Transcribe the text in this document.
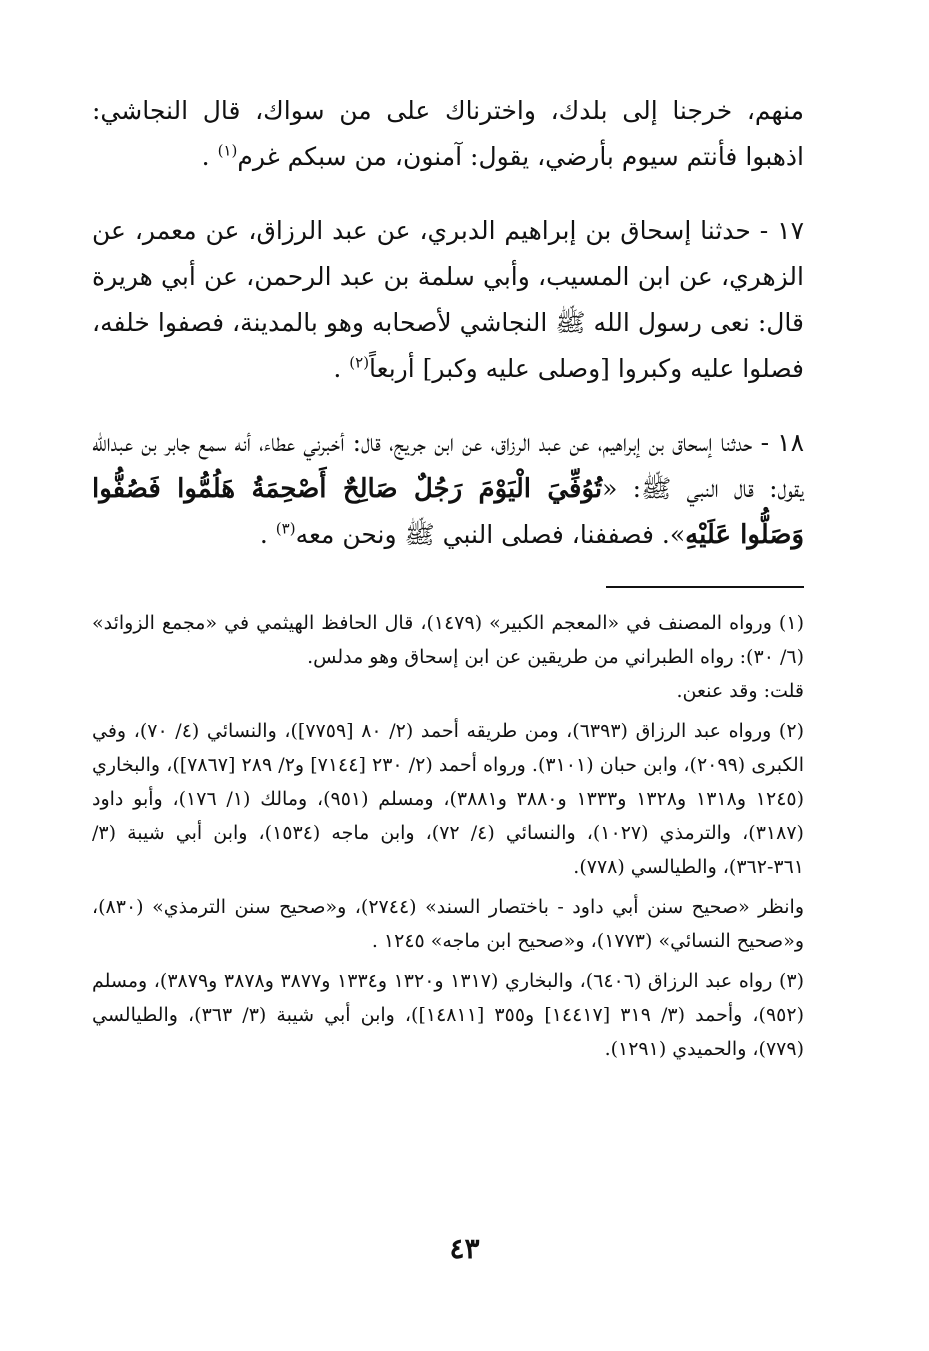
منهم، خرجنا إلى بلدك، واخترناك على من سواك، قال النجاشي: اذهبوا فأنتم سيوم بأرضي، يقول: آمنون، من سبكم غرم$^{(١)}$ .

١٧ - حدثنا إسحاق بن إبراهيم الدبري، عن عبد الرزاق، عن معمر، عن الزهري، عن ابن المسيب، وأبي سلمة بن عبد الرحمن، عن أبي هريرة قال: نعى رسول الله ﷺ النجاشي لأصحابه وهو بالمدينة، فصفوا خلفه، فصلوا عليه وكبروا [وصلى عليه وكبر] أربعاً$^{(٢)}$ .

١٨ - حدثنا إسحاق بن إبراهيم، عن عبد الرزاق، عن ابن جريج، قال: أخبرني عطاء، أنه سمع جابر بن عبدالله يقول: قال النبي ﷺ: «تُوُفِّيَ الْيَوْمَ رَجُلٌ صَالِحٌ أَصْحِمَةُ هَلُمُّوا فَصُفُّوا وَصَلُّوا عَلَيْهِ». فصففنا، فصلى النبي ﷺ ونحن معه$^{(٣)}$ .

(١) ورواه المصنف في «المعجم الكبير» (١٤٧٩)، قال الحافظ الهيثمي في «مجمع الزوائد» (٦/ ٣٠): رواه الطبراني من طريقين عن ابن إسحاق وهو مدلس.

قلت: وقد عنعن.

(٢) ورواه عبد الرزاق (٦٣٩٣)، ومن طريقه أحمد (٢/ ٨٠ [٧٧٥٩])، والنسائي (٤/ ٧٠)، وفي الكبرى (٢٠٩٩)، وابن حبان (٣١٠١). ورواه أحمد (٢/ ٢٣٠ [٧١٤٤] و٢/ ٢٨٩ [٧٨٦٧])، والبخاري (١٢٤٥ و١٣١٨ و١٣٢٨ و١٣٣٣ و٣٨٨٠ و٣٨٨١)، ومسلم (٩٥١)، ومالك (١/ ١٧٦)، وأبو داود (٣١٨٧)، والترمذي (١٠٢٧)، والنسائي (٤/ ٧٢)، وابن ماجه (١٥٣٤)، وابن أبي شيبة (٣/ ٣٦١-٣٦٢)، والطيالسي (٧٧٨).

وانظر «صحيح سنن أبي داود - باختصار السند» (٢٧٤٤)، و«صحيح سنن الترمذي» (٨٣٠)، و«صحيح النسائي» (١٧٧٣)، و«صحيح ابن ماجه» ١٢٤٥ .

(٣) رواه عبد الرزاق (٦٤٠٦)، والبخاري (١٣١٧ و١٣٢٠ و١٣٣٤ و٣٨٧٧ و٣٨٧٨ و٣٨٧٩)، ومسلم (٩٥٢)، وأحمد (٣/ ٣١٩ [١٤٤١٧] و٣٥٥ [١٤٨١١])، وابن أبي شيبة (٣/ ٣٦٣)، والطيالسي (٧٧٩)، والحميدي (١٢٩١).

٤٣
